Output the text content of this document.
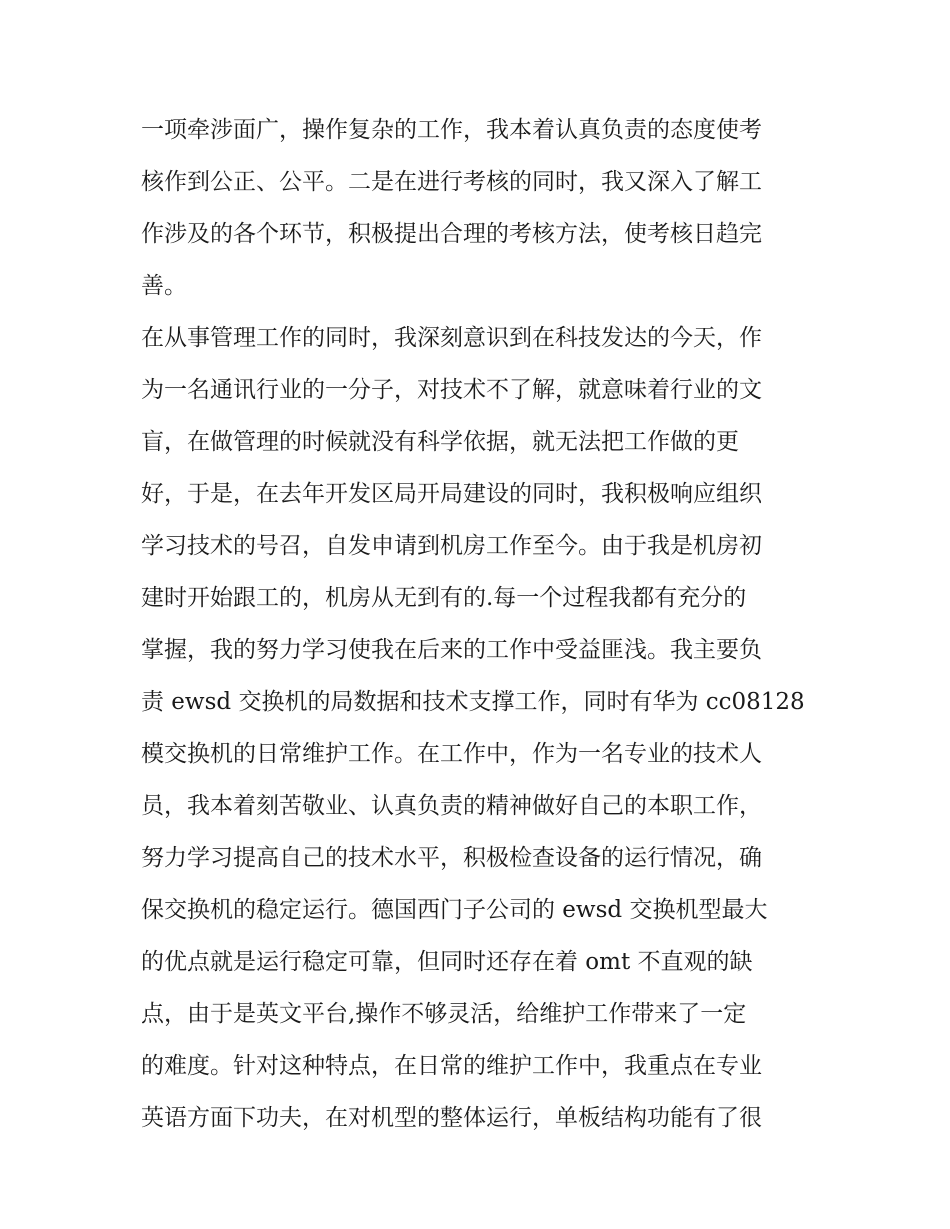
一项牵涉面广，操作复杂的工作，我本着认真负责的态度使考
核作到公正、公平。二是在进行考核的同时，我又深入了解工
作涉及的各个环节，积极提出合理的考核方法，使考核日趋完
善。
在从事管理工作的同时，我深刻意识到在科技发达的今天，作
为一名通讯行业的一分子，对技术不了解，就意味着行业的文
盲，在做管理的时候就没有科学依据，就无法把工作做的更
好，于是，在去年开发区局开局建设的同时，我积极响应组织
学习技术的号召，自发申请到机房工作至今。由于我是机房初
建时开始跟工的，机房从无到有的.每一个过程我都有充分的
掌握，我的努力学习使我在后来的工作中受益匪浅。我主要负
责 ewsd 交换机的局数据和技术支撑工作，同时有华为 cc08128
模交换机的日常维护工作。在工作中，作为一名专业的技术人
员，我本着刻苦敬业、认真负责的精神做好自己的本职工作，
努力学习提高自己的技术水平，积极检查设备的运行情况，确
保交换机的稳定运行。德国西门子公司的 ewsd 交换机型最大
的优点就是运行稳定可靠，但同时还存在着 omt 不直观的缺
点，由于是英文平台,操作不够灵活，给维护工作带来了一定
的难度。针对这种特点，在日常的维护工作中，我重点在专业
英语方面下功夫，在对机型的整体运行，单板结构功能有了很
